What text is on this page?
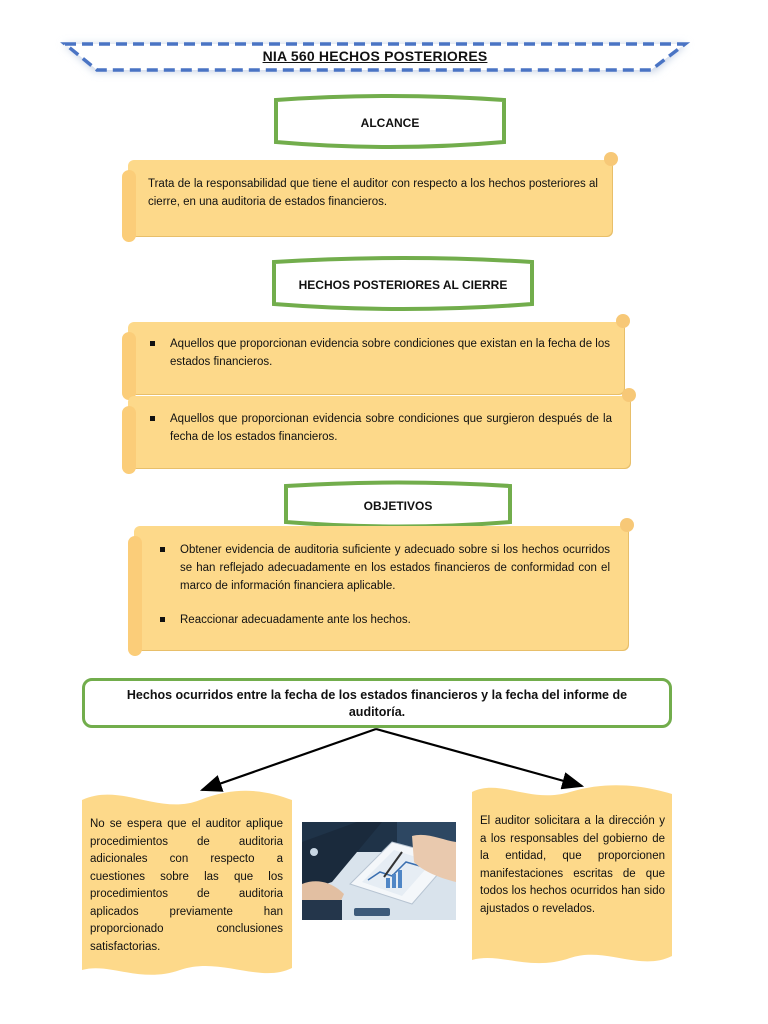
NIA 560 HECHOS POSTERIORES
ALCANCE
Trata de la responsabilidad que tiene el auditor con respecto a los hechos posteriores al cierre, en una auditoria de estados financieros.
HECHOS POSTERIORES AL CIERRE
Aquellos que proporcionan evidencia sobre condiciones que existan en la fecha de los estados financieros.
Aquellos que proporcionan evidencia sobre condiciones que surgieron después de la fecha de los estados financieros.
OBJETIVOS
Obtener evidencia de auditoria suficiente y adecuado sobre si los hechos ocurridos se han reflejado adecuadamente en los estados financieros de conformidad con el marco de información financiera aplicable.
Reaccionar adecuadamente ante los hechos.
Hechos ocurridos entre la fecha de los estados financieros y la fecha del informe de auditoría.
No se espera que el auditor aplique procedimientos de auditoria adicionales con respecto a cuestiones sobre las que los procedimientos de auditoria aplicados previamente han proporcionado conclusiones satisfactorias.
El auditor solicitara a la dirección y a los responsables del gobierno de la entidad, que proporcionen manifestaciones escritas de que todos los hechos ocurridos han sido ajustados o revelados.
